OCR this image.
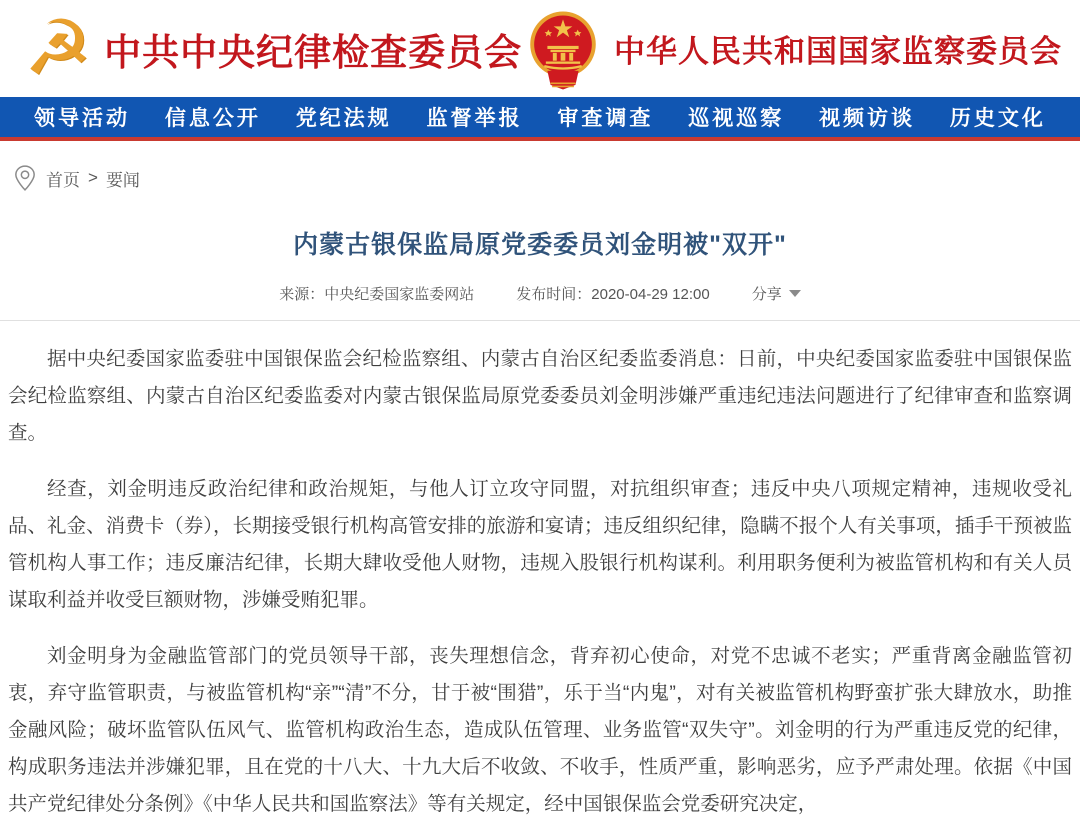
☭ 中共中央纪律检查委员会	中华人民共和国国家监察委员会
领导活动 信息公开 党纪法规 监督举报 审查调查 巡视巡察 视频访谈 历史文化
首页 > 要闻
内蒙古银保监局原党委委员刘金明被"双开"
来源：中央纪委国家监委网站	发布时间：2020-04-29 12:00	分享

据中央纪委国家监委驻中国银保监会纪检监察组、内蒙古自治区纪委监委消息：日前，中央纪委国家监委驻中国银保监会纪检监察组、内蒙古自治区纪委监委对内蒙古银保监局原党委委员刘金明涉嫌严重违纪违法问题进行了纪律审查和监察调查。

经查，刘金明违反政治纪律和政治规矩，与他人订立攻守同盟，对抗组织审查；违反中央八项规定精神，违规收受礼品、礼金、消费卡（券），长期接受银行机构高管安排的旅游和宴请；违反组织纪律，隐瞒不报个人有关事项，插手干预被监管机构人事工作；违反廉洁纪律，长期大肆收受他人财物，违规入股银行机构谋利。利用职务便利为被监管机构和有关人员谋取利益并收受巨额财物，涉嫌受贿犯罪。

刘金明身为金融监管部门的党员领导干部，丧失理想信念，背弃初心使命，对党不忠诚不老实；严重背离金融监管初衷，弃守监管职责，与被监管机构“亲”“清”不分，甘于被“围猎”，乐于当“内鬼”，对有关被监管机构野蛮扩张大肆放水，助推金融风险；破坏监管队伍风气、监管机构政治生态，造成队伍管理、业务监管“双失守”。刘金明的行为严重违反党的纪律，构成职务违法并涉嫌犯罪，且在党的十八大、十九大后不收敛、不收手，性质严重，影响恶劣，应予严肃处理。依据《中国共产党纪律处分条例》《中华人民共和国监察法》等有关规定，经中国银保监会党委研究决定，
